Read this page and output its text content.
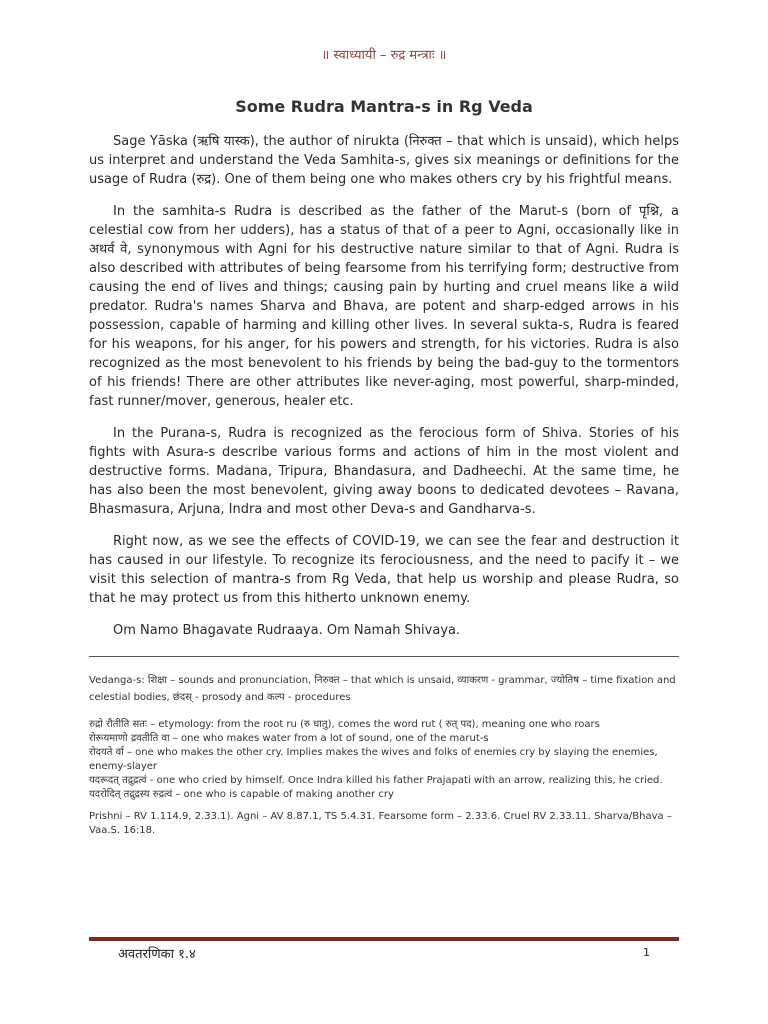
॥ स्वाध्यायी – रुद्र मन्त्राः ॥
Some Rudra Mantra-s in Rg Veda

Sage Yāska (ऋषि यास्क), the author of nirukta (निरुक्त – that which is unsaid), which helps us interpret and understand the Veda Samhita-s, gives six meanings or definitions for the usage of Rudra (रुद्र). One of them being one who makes others cry by his frightful means.

In the samhita-s Rudra is described as the father of the Marut-s (born of पृश्नि, a celestial cow from her udders), has a status of that of a peer to Agni, occasionally like in अथर्व वे, synonymous with Agni for his destructive nature similar to that of Agni. Rudra is also described with attributes of being fearsome from his terrifying form; destructive from causing the end of lives and things; causing pain by hurting and cruel means like a wild predator. Rudra's names Sharva and Bhava, are potent and sharp-edged arrows in his possession, capable of harming and killing other lives. In several sukta-s, Rudra is feared for his weapons, for his anger, for his powers and strength, for his victories. Rudra is also recognized as the most benevolent to his friends by being the bad-guy to the tormentors of his friends! There are other attributes like never-aging, most powerful, sharp-minded, fast runner/mover, generous, healer etc.

In the Purana-s, Rudra is recognized as the ferocious form of Shiva. Stories of his fights with Asura-s describe various forms and actions of him in the most violent and destructive forms. Madana, Tripura, Bhandasura, and Dadheechi. At the same time, he has also been the most benevolent, giving away boons to dedicated devotees – Ravana, Bhasmasura, Arjuna, Indra and most other Deva-s and Gandharva-s.

Right now, as we see the effects of COVID-19, we can see the fear and destruction it has caused in our lifestyle. To recognize its ferociousness, and the need to pacify it – we visit this selection of mantra-s from Rg Veda, that help us worship and please Rudra, so that he may protect us from this hitherto unknown enemy.

Om Namo Bhagavate Rudraaya. Om Namah Shivaya.

Vedanga-s: शिक्षा – sounds and pronunciation, निरुक्त – that which is unsaid, व्याकरण - grammar, ज्योतिष – time fixation and celestial bodies, छंदस् - prosody and कल्प - procedures

रुद्रो रौतीति सतः – etymology: from the root ru (रु धातु), comes the word rut ( रुत् पद), meaning one who roars

रोरूयमाणो द्रवतीति वा – one who makes water from a lot of sound, one of the marut-s

रोदयते र्वा – one who makes the other cry. Implies makes the wives and folks of enemies cry by slaying the enemies, enemy-slayer

यदरूदत् तद्रुद्रत्वं - one who cried by himself. Once Indra killed his father Prajapati with an arrow, realizing this, he cried.

यदरोदित् तद्रुद्रस्य रुद्रत्वं – one who is capable of making another cry

Prishni – RV 1.114.9, 2.33.1). Agni – AV 8.87.1, TS 5.4.31. Fearsome form – 2.33.6. Cruel RV 2.33.11. Sharva/Bhava – Vaa.S. 16:18.
अवतरणिका १.४	1
